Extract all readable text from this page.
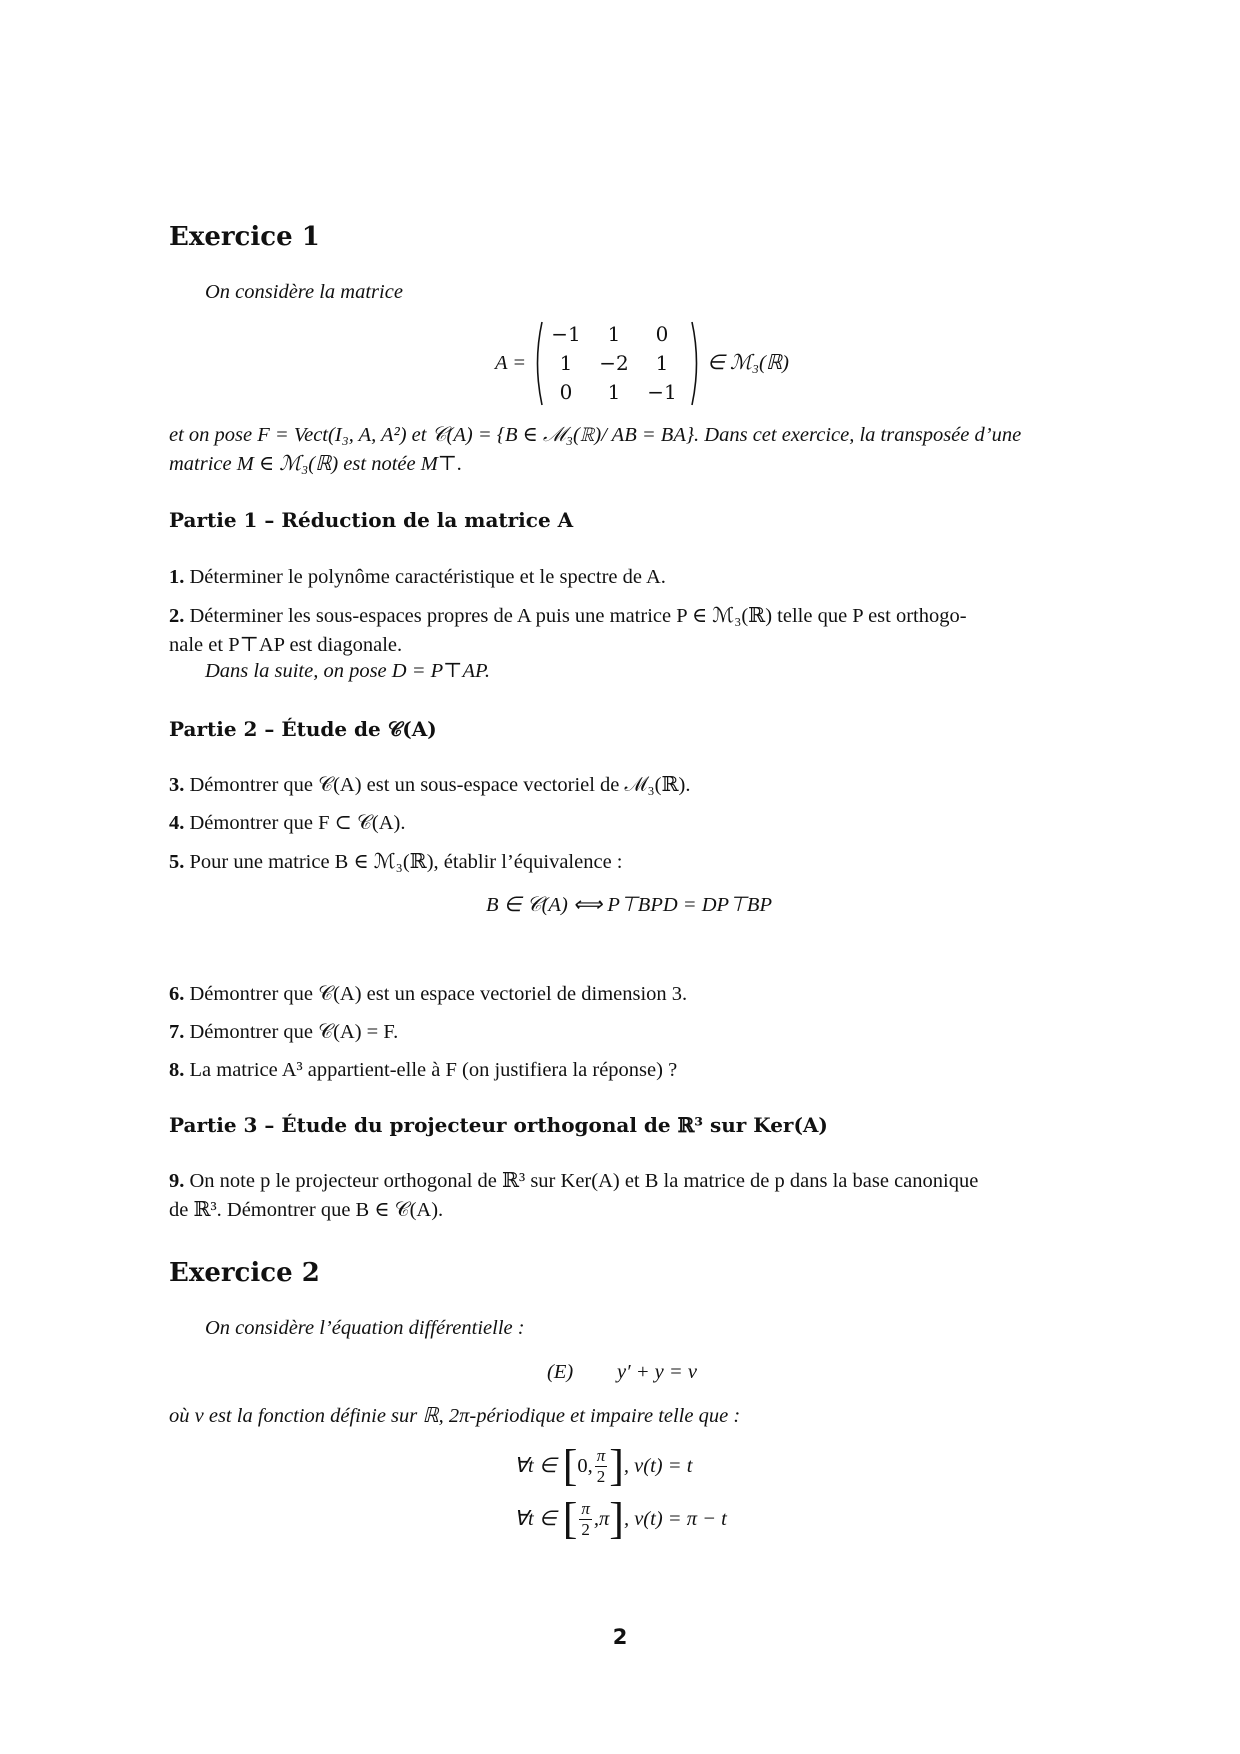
Exercice 1
On considère la matrice
A =
−1	1	0
1	−2	1
0	1	−1
∈ ℳ₃(ℝ)
et on pose F = Vect(I₃, A, A²) et 𝒞(A) = {B ∈ ℳ₃(ℝ)/ AB = BA}. Dans cet exercice, la transposée d’une
matrice M ∈ ℳ₃(ℝ) est notée M⊤.
Partie 1 – Réduction de la matrice A
1. Déterminer le polynôme caractéristique et le spectre de A.
2. Déterminer les sous-espaces propres de A puis une matrice P ∈ ℳ₃(ℝ) telle que P est orthogo-
nale et P⊤AP est diagonale.
Dans la suite, on pose D = P⊤AP.
Partie 2 – Étude de 𝒞(A)
3. Démontrer que 𝒞(A) est un sous-espace vectoriel de ℳ₃(ℝ).
4. Démontrer que F ⊂ 𝒞(A).
5. Pour une matrice B ∈ ℳ₃(ℝ), établir l’équivalence :
B ∈ 𝒞(A) ⟺ P⊤BPD = DP⊤BP
6. Démontrer que 𝒞(A) est un espace vectoriel de dimension 3.
7. Démontrer que 𝒞(A) = F.
8. La matrice A³ appartient-elle à F (on justifiera la réponse) ?
Partie 3 – Étude du projecteur orthogonal de ℝ³ sur Ker(A)
9. On note p le projecteur orthogonal de ℝ³ sur Ker(A) et B la matrice de p dans la base canonique
de ℝ³. Démontrer que B ∈ 𝒞(A).
Exercice 2
On considère l’équation différentielle :
(E) y′ + y = v
où v est la fonction définie sur ℝ, 2π-périodique et impaire telle que :
∀t ∈ [ 0, $\frac{\pi}{2}$ ] , v(t) = t
∀t ∈ [ $\frac{\pi}{2} ,\pi$ ] , v(t) = π − t
2
